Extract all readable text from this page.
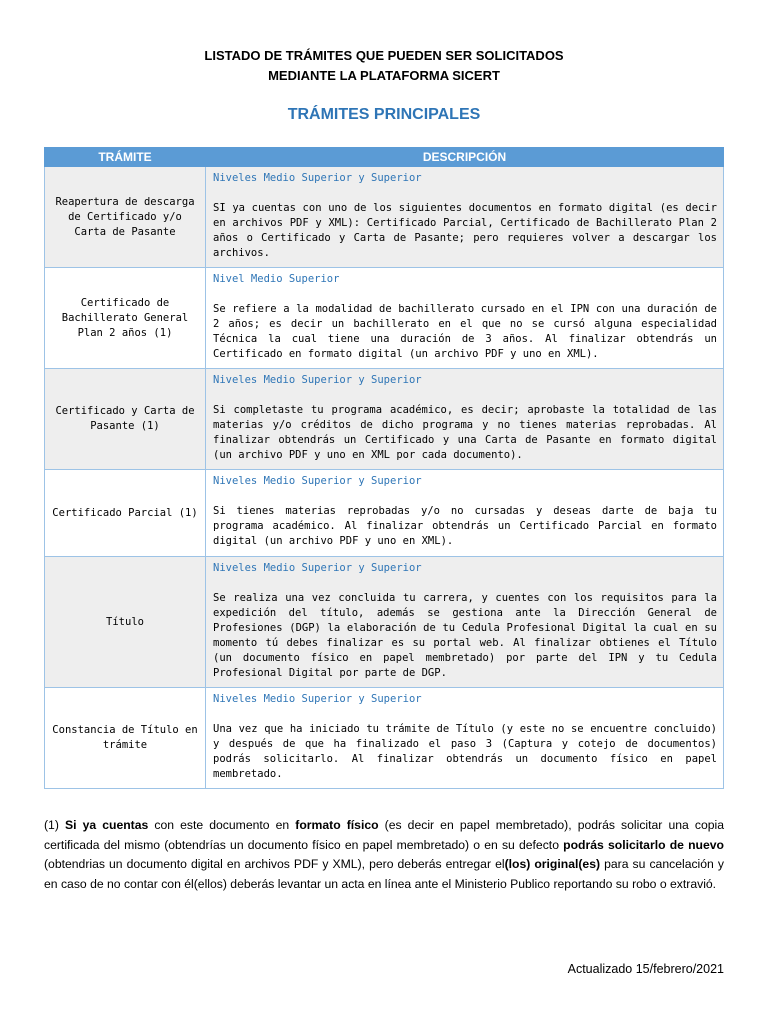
LISTADO DE TRÁMITES QUE PUEDEN SER SOLICITADOS
MEDIANTE LA PLATAFORMA SICERT
TRÁMITES PRINCIPALES
TRÁMITE	DESCRIPCIÓN
Reapertura de descarga de Certificado y/o Carta de Pasante	Niveles Medio Superior y Superior
SI ya cuentas con uno de los siguientes documentos en formato digital (es decir en archivos PDF y XML): Certificado Parcial, Certificado de Bachillerato Plan 2 años o Certificado y Carta de Pasante; pero requieres volver a descargar los archivos.

Certificado de Bachillerato General Plan 2 años (1)	Nivel Medio Superior
Se refiere a la modalidad de bachillerato cursado en el IPN con una duración de 2 años; es decir un bachillerato en el que no se cursó alguna especialidad Técnica la cual tiene una duración de 3 años. Al finalizar obtendrás un Certificado en formato digital (un archivo PDF y uno en XML).

Certificado y Carta de Pasante (1)	Niveles Medio Superior y Superior
Si completaste tu programa académico, es decir; aprobaste la totalidad de las materias y/o créditos de dicho programa y no tienes materias reprobadas. Al finalizar obtendrás un Certificado y una Carta de Pasante en formato digital (un archivo PDF y uno en XML por cada documento).

Certificado Parcial (1)	Niveles Medio Superior y Superior
Si tienes materias reprobadas y/o no cursadas y deseas darte de baja tu programa académico. Al finalizar obtendrás un Certificado Parcial en formato digital (un archivo PDF y uno en XML).

Título	Niveles Medio Superior y Superior
Se realiza una vez concluida tu carrera, y cuentes con los requisitos para la expedición del título, además se gestiona ante la Dirección General de Profesiones (DGP) la elaboración de tu Cedula Profesional Digital la cual en su momento tú debes finalizar es su portal web. Al finalizar obtienes el Título (un documento físico en papel membretado) por parte del IPN y tu Cedula Profesional Digital por parte de DGP.

Constancia de Título en trámite	Niveles Medio Superior y Superior
Una vez que ha iniciado tu trámite de Título (y este no se encuentre concluido) y después de que ha finalizado el paso 3 (Captura y cotejo de documentos) podrás solicitarlo. Al finalizar obtendrás un documento físico en papel membretado.
(1) Si ya cuentas con este documento en formato físico (es decir en papel membretado), podrás solicitar una copia certificada del mismo (obtendrías un documento físico en papel membretado) o en su defecto podrás solicitarlo de nuevo (obtendrias un documento digital en archivos PDF y XML), pero deberás entregar el(los) original(es) para su cancelación y en caso de no contar con él(ellos) deberás levantar un acta en línea ante el Ministerio Publico reportando su robo o extravió.
Actualizado 15/febrero/2021
